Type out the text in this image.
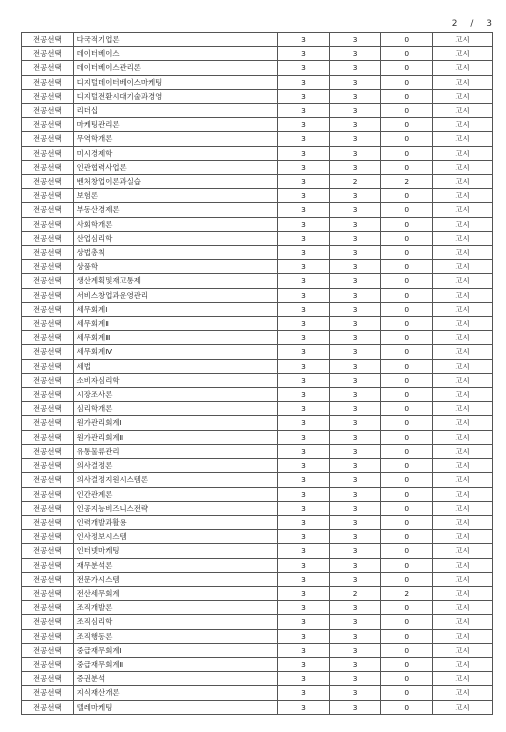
2 / 3
전공선택	다국적기업론	3	3	0	고시
전공선택	데이터베이스	3	3	0	고시
전공선택	데이터베이스관리론	3	3	0	고시
전공선택	디지털데이터베이스마케팅	3	3	0	고시
전공선택	디지털전환시대기술과경영	3	3	0	고시
전공선택	리더십	3	3	0	고시
전공선택	마케팅관리론	3	3	0	고시
전공선택	무역학개론	3	3	0	고시
전공선택	미시경제학	3	3	0	고시
전공선택	인관협력사업론	3	3	0	고시
전공선택	벤처창업이론과실습	3	2	2	고시
전공선택	보험론	3	3	0	고시
전공선택	부동산경제론	3	3	0	고시
전공선택	사회학개론	3	3	0	고시
전공선택	산업심리학	3	3	0	고시
전공선택	상법총칙	3	3	0	고시
전공선택	상품학	3	3	0	고시
전공선택	생산계획및재고통제	3	3	0	고시
전공선택	서비스창업과운영관리	3	3	0	고시
전공선택	세무회계Ⅰ	3	3	0	고시
전공선택	세무회계Ⅱ	3	3	0	고시
전공선택	세무회계Ⅲ	3	3	0	고시
전공선택	세무회계Ⅳ	3	3	0	고시
전공선택	세법	3	3	0	고시
전공선택	소비자심리학	3	3	0	고시
전공선택	시장조사론	3	3	0	고시
전공선택	심리학개론	3	3	0	고시
전공선택	원가관리회계Ⅰ	3	3	0	고시
전공선택	원가관리회계Ⅱ	3	3	0	고시
전공선택	유통물류관리	3	3	0	고시
전공선택	의사결정론	3	3	0	고시
전공선택	의사결정지원시스템론	3	3	0	고시
전공선택	인간관계론	3	3	0	고시
전공선택	인공지능비즈니스전략	3	3	0	고시
전공선택	인력개발과활용	3	3	0	고시
전공선택	인사정보시스템	3	3	0	고시
전공선택	인터넷마케팅	3	3	0	고시
전공선택	재무분석론	3	3	0	고시
전공선택	전문가시스템	3	3	0	고시
전공선택	전산세무회계	3	2	2	고시
전공선택	조직개발론	3	3	0	고시
전공선택	조직심리학	3	3	0	고시
전공선택	조직행동론	3	3	0	고시
전공선택	중급재무회계Ⅰ	3	3	0	고시
전공선택	중급재무회계Ⅱ	3	3	0	고시
전공선택	증권분석	3	3	0	고시
전공선택	지식재산개론	3	3	0	고시
전공선택	텔레마케팅	3	3	0	고시
